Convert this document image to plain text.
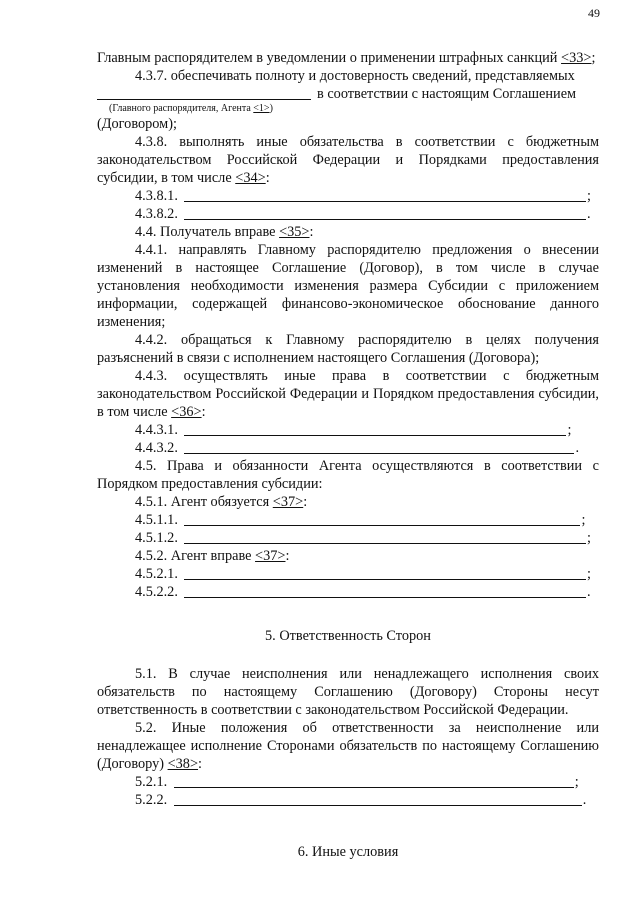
49

Главным распорядителем в уведомлении о применении штрафных санкций <33>;

4.3.7. обеспечивать полноту и достоверность сведений, представляемых

в соответствии с настоящим Соглашением
(Главного распорядителя, Агента <1>)

(Договором);

4.3.8. выполнять иные обязательства в соответствии с бюджетным законодательством Российской Федерации и Порядками предоставления субсидии, в том числе <34>:

4.3.8.1.	;
4.3.8.2.	.

4.4. Получатель вправе <35>:

4.4.1. направлять Главному распорядителю предложения о внесении изменений в настоящее Соглашение (Договор), в том числе в случае установления необходимости изменения размера Субсидии с приложением информации, содержащей финансово-экономическое обоснование данного изменения;

4.4.2. обращаться к Главному распорядителю в целях получения разъяснений в связи с исполнением настоящего Соглашения (Договора);

4.4.3. осуществлять иные права в соответствии с бюджетным законодательством Российской Федерации и Порядком предоставления субсидии, в том числе <36>:

4.4.3.1.	;
4.4.3.2.	.

4.5. Права и обязанности Агента осуществляются в соответствии с Порядком предоставления субсидии:

4.5.1. Агент обязуется <37>:

4.5.1.1.	;
4.5.1.2.	;

4.5.2. Агент вправе <37>:

4.5.2.1.	;
4.5.2.2.	.

5. Ответственность Сторон

5.1. В случае неисполнения или ненадлежащего исполнения своих обязательств по настоящему Соглашению (Договору) Стороны несут ответственность в соответствии с законодательством Российской Федерации.

5.2. Иные положения об ответственности за неисполнение или ненадлежащее исполнение Сторонами обязательств по настоящему Соглашению (Договору) <38>:

5.2.1.	;
5.2.2.	.

6. Иные условия
